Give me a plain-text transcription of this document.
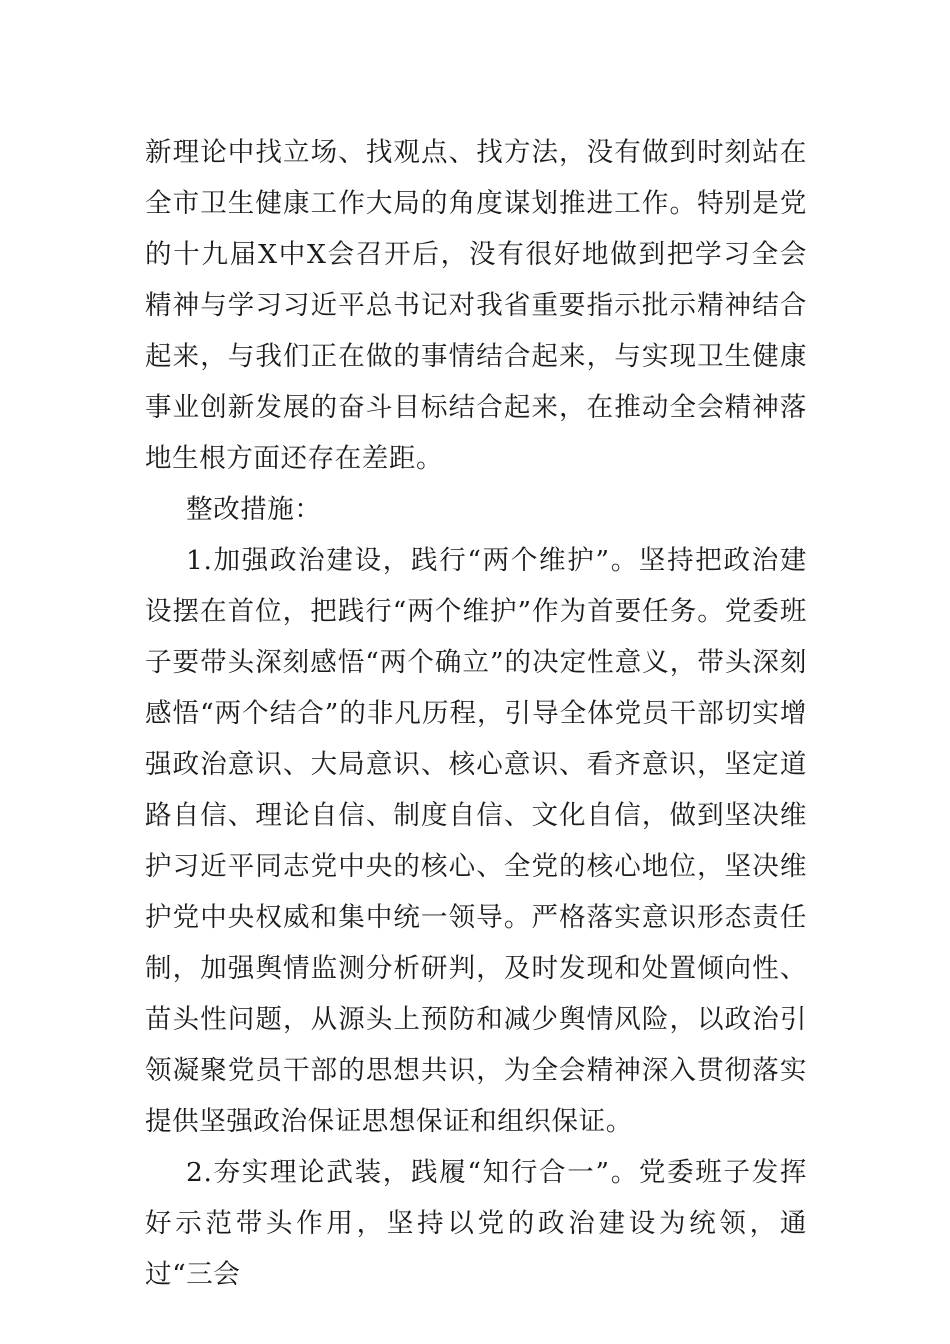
新理论中找立场、找观点、找方法，没有做到时刻站在全市卫生健康工作大局的角度谋划推进工作。特别是党的十九届X中X会召开后，没有很好地做到把学习全会精神与学习习近平总书记对我省重要指示批示精神结合起来，与我们正在做的事情结合起来，与实现卫生健康事业创新发展的奋斗目标结合起来，在推动全会精神落地生根方面还存在差距。

整改措施：

1.加强政治建设，践行“两个维护”。坚持把政治建设摆在首位，把践行“两个维护”作为首要任务。党委班子要带头深刻感悟“两个确立”的决定性意义，带头深刻感悟“两个结合”的非凡历程，引导全体党员干部切实增强政治意识、大局意识、核心意识、看齐意识，坚定道路自信、理论自信、制度自信、文化自信，做到坚决维护习近平同志党中央的核心、全党的核心地位，坚决维护党中央权威和集中统一领导。严格落实意识形态责任制，加强舆情监测分析研判，及时发现和处置倾向性、苗头性问题，从源头上预防和减少舆情风险，以政治引领凝聚党员干部的思想共识，为全会精神深入贯彻落实提供坚强政治保证思想保证和组织保证。

2.夯实理论武装，践履“知行合一”。党委班子发挥好示范带头作用，坚持以党的政治建设为统领，通过“三会
